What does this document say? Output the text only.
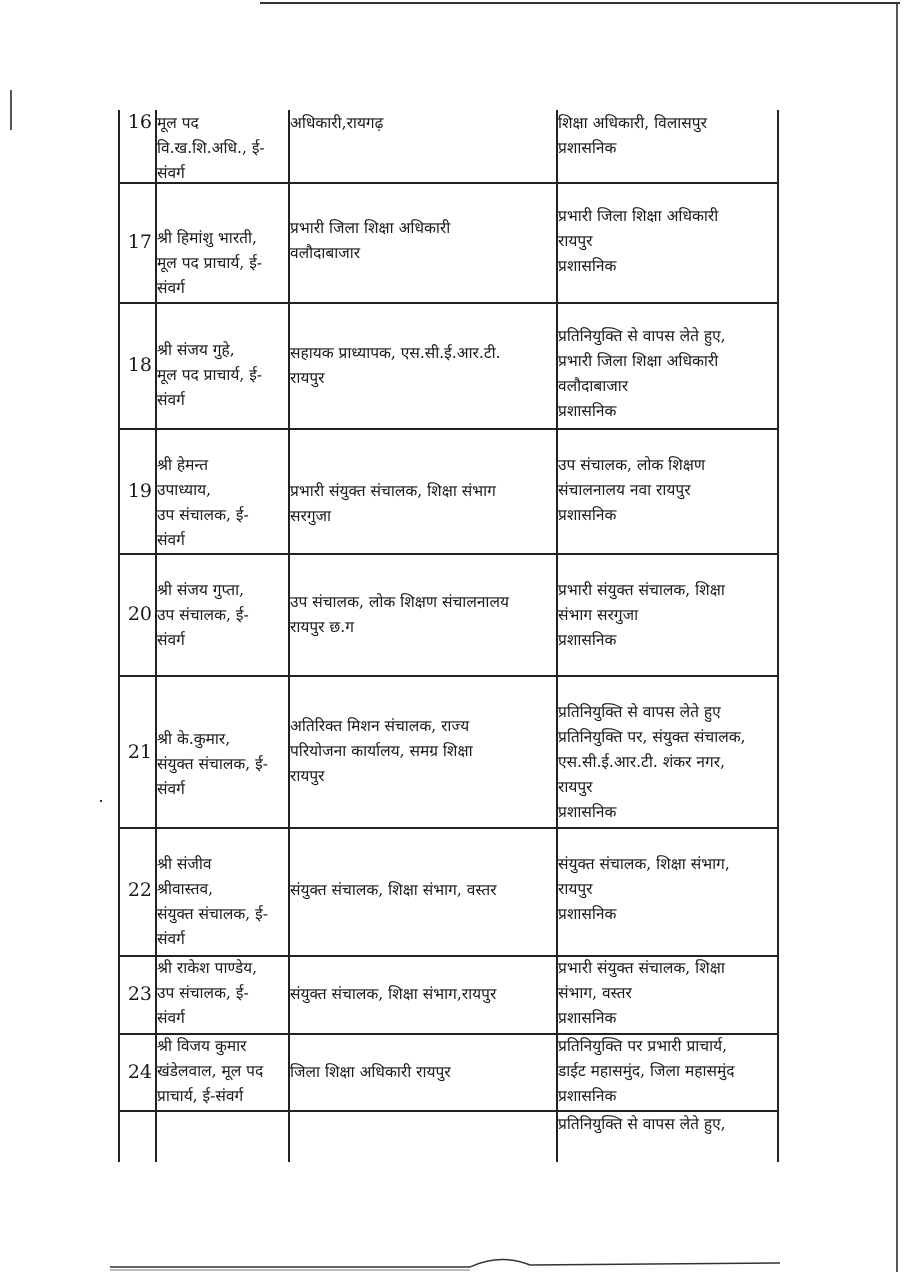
16 मूल पद
वि.ख.शि.अधि., ई-
संवर्ग
अधिकारी,रायगढ़	शिक्षा अधिकारी, विलासपुर
प्रशासनिक
17 श्री हिमांशु भारती,
मूल पद प्राचार्य, ई-
संवर्ग
प्रभारी जिला शिक्षा अधिकारी
वलौदाबाजार
प्रभारी जिला शिक्षा अधिकारी
रायपुर
प्रशासनिक
18
श्री संजय गुहे,
मूल पद प्राचार्य, ई-
संवर्ग
सहायक प्राध्यापक, एस.सी.ई.आर.टी.
रायपुर
प्रतिनियुक्ति से वापस लेते हुए,
प्रभारी जिला शिक्षा अधिकारी
वलौदाबाजार
प्रशासनिक
19
श्री हेमन्त
उपाध्याय,
उप संचालक, ई-
संवर्ग
प्रभारी संयुक्त संचालक, शिक्षा संभाग
सरगुजा
उप संचालक, लोक शिक्षण
संचालनालय नवा रायपुर
प्रशासनिक
20
श्री संजय गुप्ता,
उप संचालक, ई-
संवर्ग
उप संचालक, लोक शिक्षण संचालनालय
रायपुर छ.ग
प्रभारी संयुक्त संचालक, शिक्षा
संभाग सरगुजा
प्रशासनिक
21
श्री के.कुमार,
संयुक्त संचालक, ई-
संवर्ग
अतिरिक्त मिशन संचालक, राज्य
परियोजना कार्यालय, समग्र शिक्षा
रायपुर
प्रतिनियुक्ति से वापस लेते हुए
प्रतिनियुक्ति पर, संयुक्त संचालक,
एस.सी.ई.आर.टी. शंकर नगर,
रायपुर
प्रशासनिक
22
श्री संजीव
श्रीवास्तव,
संयुक्त संचालक, ई-
संवर्ग
संयुक्त संचालक, शिक्षा संभाग, वस्तर
संयुक्त संचालक, शिक्षा संभाग,
रायपुर
प्रशासनिक
23
श्री राकेश पाण्डेय,
उप संचालक, ई-
संवर्ग
संयुक्त संचालक, शिक्षा संभाग,रायपुर
प्रभारी संयुक्त संचालक, शिक्षा
संभाग, वस्तर
प्रशासनिक
24
श्री विजय कुमार
खंडेलवाल, मूल पद
प्राचार्य, ई-संवर्ग
जिला शिक्षा अधिकारी रायपुर
प्रतिनियुक्ति पर प्रभारी प्राचार्य,
डाईट महासमुंद, जिला महासमुंद
प्रशासनिक
प्रतिनियुक्ति से वापस लेते हुए,
